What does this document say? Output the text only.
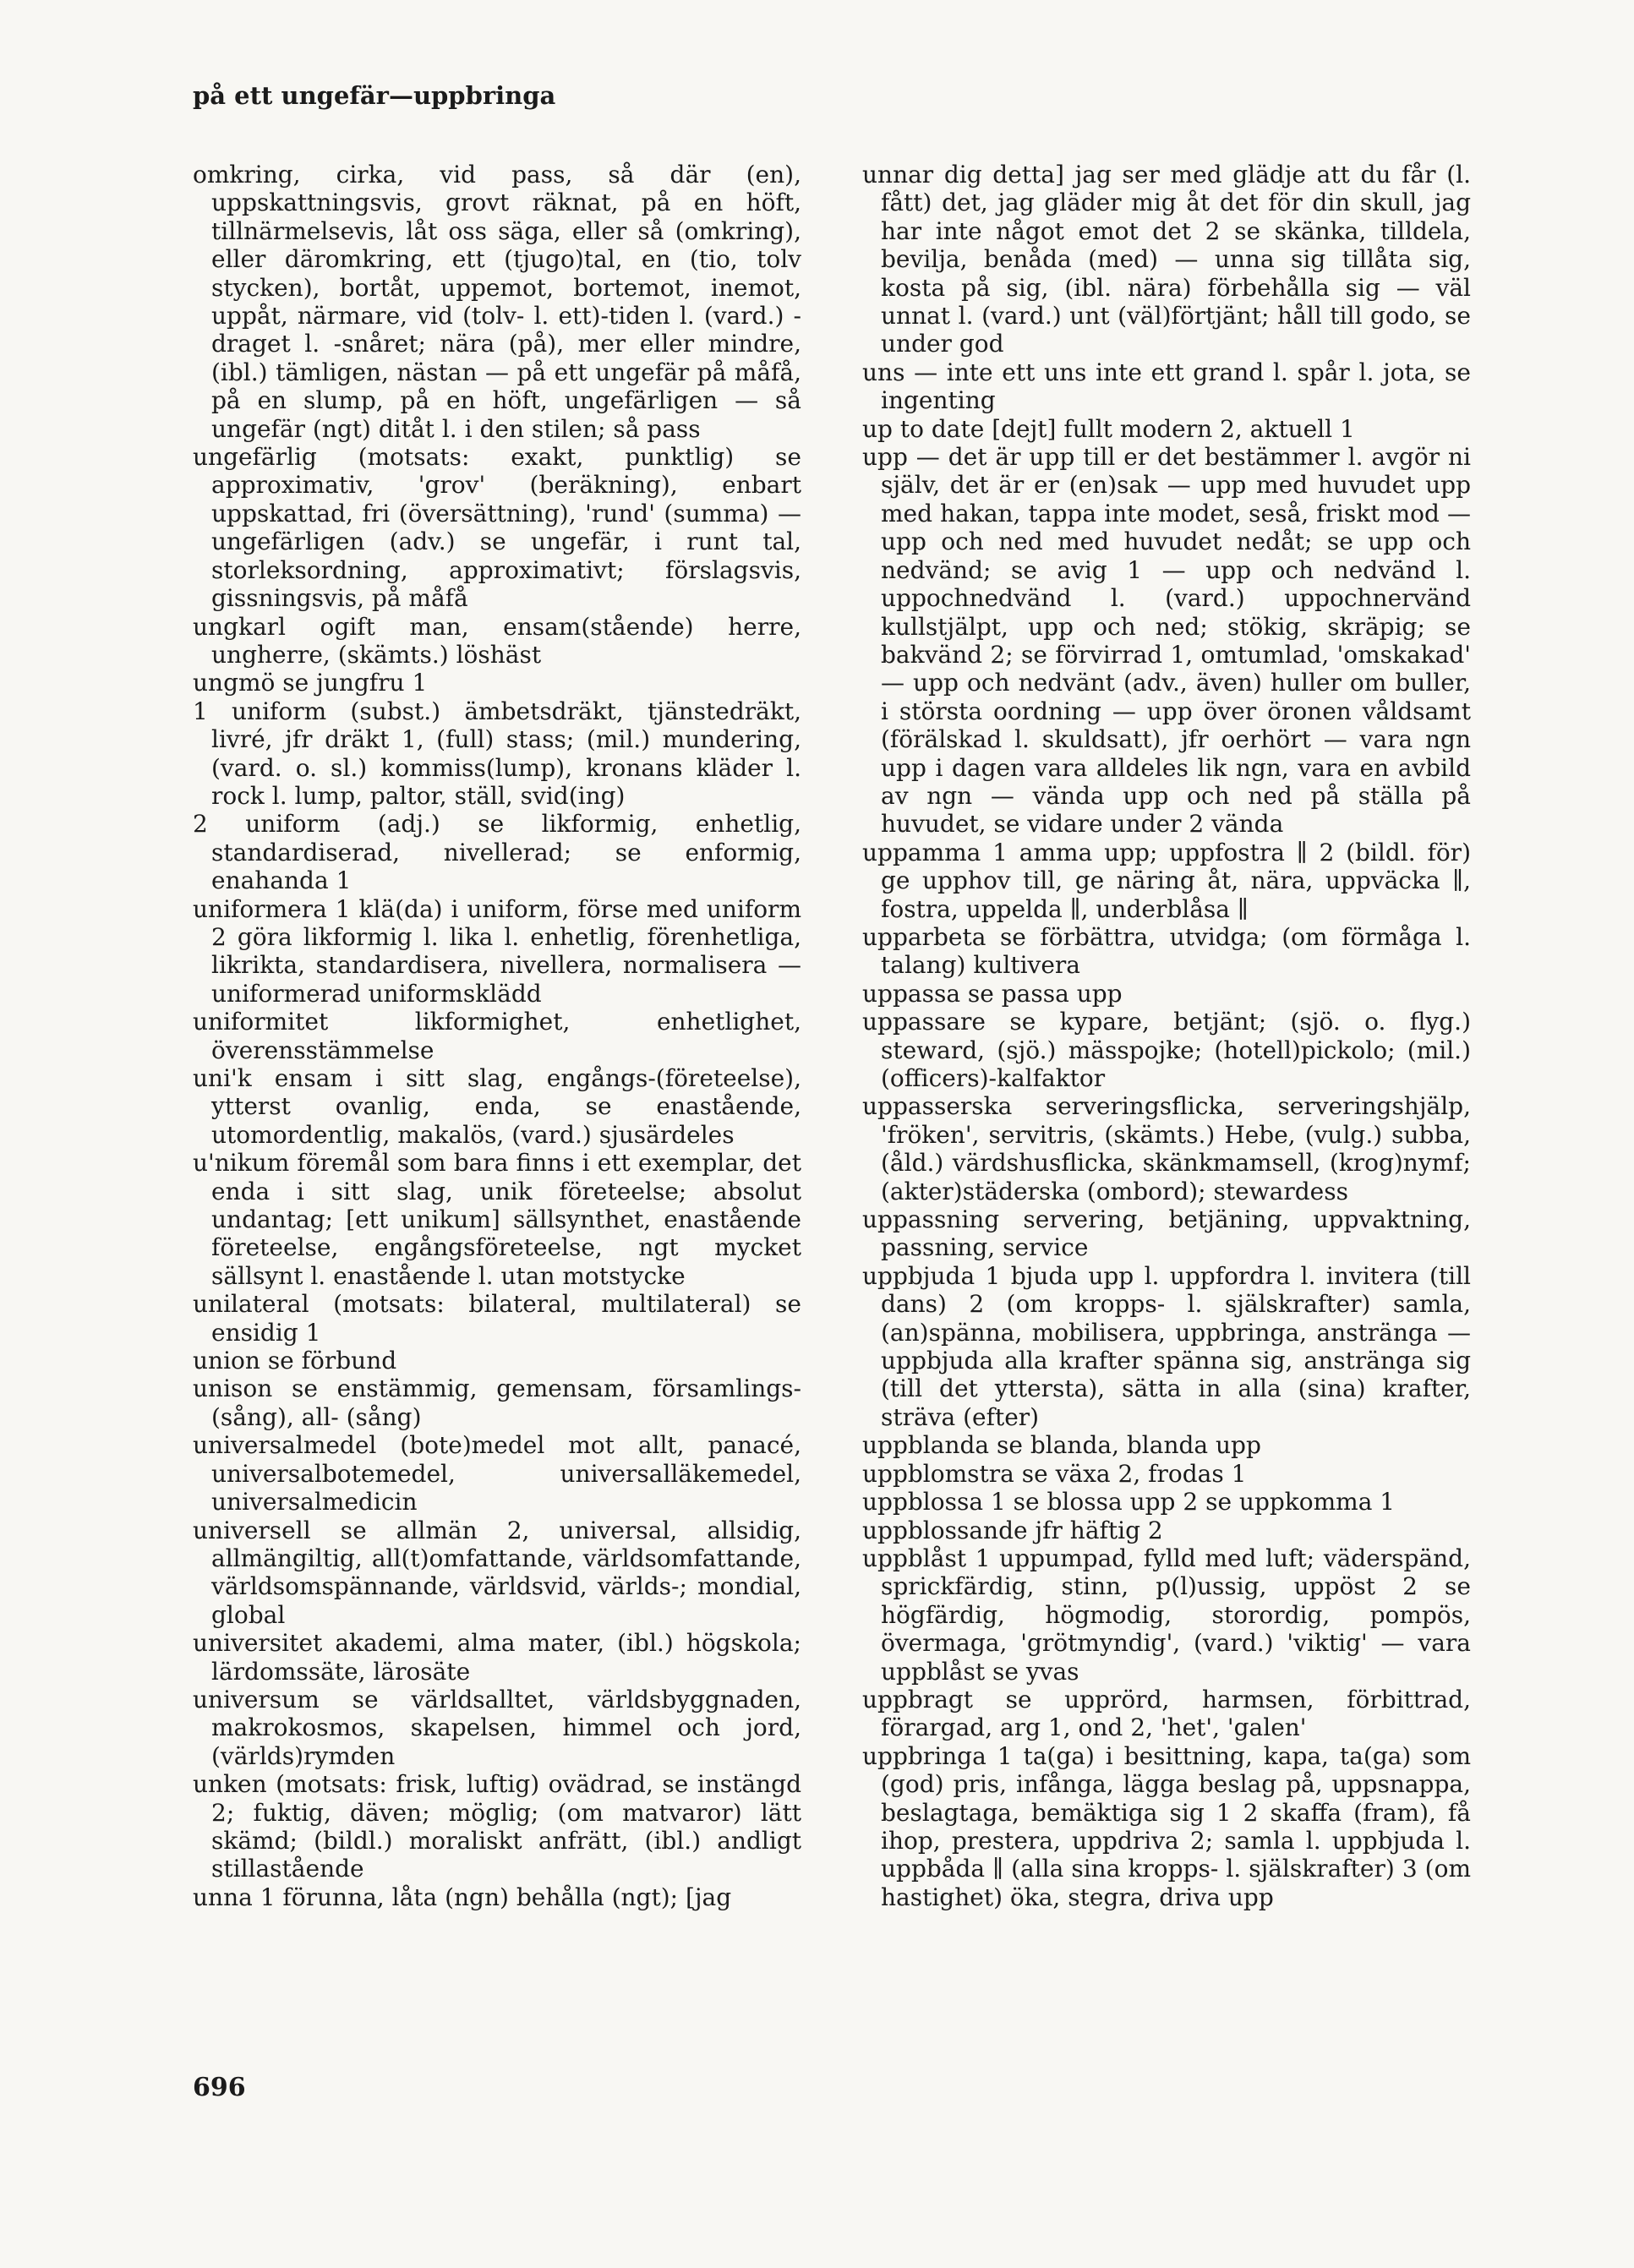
på ett ungefär—uppbringa

omkring, cirka, vid pass, så där (en), uppskattningsvis, grovt räknat, på en höft, tillnärmelsevis, låt oss säga, eller så (omkring), eller däromkring, ett (tjugo)tal, en (tio, tolv stycken), bortåt, uppemot, bortemot, inemot, uppåt, närmare, vid (tolv- l. ett)-tiden l. (vard.) -draget l. -snåret; nära (på), mer eller mindre, (ibl.) tämligen, nästan — på ett ungefär på måfå, på en slump, på en höft, ungefärligen — så ungefär (ngt) ditåt l. i den stilen; så pass

ungefärlig (motsats: exakt, punktlig) se approximativ, 'grov' (beräkning), enbart uppskattad, fri (översättning), 'rund' (summa) — ungefärligen (adv.) se ungefär, i runt tal, storleksordning, approximativt; förslagsvis, gissningsvis, på måfå

ungkarl ogift man, ensam(stående) herre, ungherre, (skämts.) löshäst

ungmö se jungfru 1

1 uniform (subst.) ämbetsdräkt, tjänstedräkt, livré, jfr dräkt 1, (full) stass; (mil.) mundering, (vard. o. sl.) kommiss(lump), kronans kläder l. rock l. lump, paltor, ställ, svid(ing)

2 uniform (adj.) se likformig, enhetlig, standardiserad, nivellerad; se enformig, enahanda 1

uniformera 1 klä(da) i uniform, förse med uniform 2 göra likformig l. lika l. enhetlig, förenhetliga, likrikta, standardisera, nivellera, normalisera — uniformerad uniformsklädd

uniformitet likformighet, enhetlighet, överensstämmelse

uni'k ensam i sitt slag, engångs-(företeelse), ytterst ovanlig, enda, se enastående, utomordentlig, makalös, (vard.) sjusärdeles

u'nikum föremål som bara finns i ett exemplar, det enda i sitt slag, unik företeelse; absolut undantag; [ett unikum] sällsynthet, enastående företeelse, engångsföreteelse, ngt mycket sällsynt l. enastående l. utan motstycke

unilateral (motsats: bilateral, multilateral) se ensidig 1

union se förbund

unison se enstämmig, gemensam, församlings-(sång), all- (sång)

universalmedel (bote)medel mot allt, panacé, universalbotemedel, universalläkemedel, universalmedicin

universell se allmän 2, universal, allsidig, allmängiltig, all(t)omfattande, världsomfattande, världsomspännande, världsvid, världs-; mondial, global

universitet akademi, alma mater, (ibl.) högskola; lärdomssäte, lärosäte

universum se världsalltet, världsbyggnaden, makrokosmos, skapelsen, himmel och jord, (världs)rymden

unken (motsats: frisk, luftig) ovädrad, se instängd 2; fuktig, däven; möglig; (om matvaror) lätt skämd; (bildl.) moraliskt anfrätt, (ibl.) andligt stillastående

unna 1 förunna, låta (ngn) behålla (ngt); [jag

unnar dig detta] jag ser med glädje att du får (l. fått) det, jag gläder mig åt det för din skull, jag har inte något emot det 2 se skänka, tilldela, bevilja, benåda (med) — unna sig tillåta sig, kosta på sig, (ibl. nära) förbehålla sig — väl unnat l. (vard.) unt (väl)förtjänt; håll till godo, se under god

uns — inte ett uns inte ett grand l. spår l. jota, se ingenting

up to date [dejt] fullt modern 2, aktuell 1

upp — det är upp till er det bestämmer l. avgör ni själv, det är er (en)sak — upp med huvudet upp med hakan, tappa inte modet, seså, friskt mod — upp och ned med huvudet nedåt; se upp och nedvänd; se avig 1 — upp och nedvänd l. uppochnedvänd l. (vard.) uppochnervänd kullstjälpt, upp och ned; stökig, skräpig; se bakvänd 2; se förvirrad 1, omtumlad, 'omskakad' — upp och nedvänt (adv., även) huller om buller, i största oordning — upp över öronen våldsamt (förälskad l. skuldsatt), jfr oerhört — vara ngn upp i dagen vara alldeles lik ngn, vara en avbild av ngn — vända upp och ned på ställa på huvudet, se vidare under 2 vända

uppamma 1 amma upp; uppfostra ∥ 2 (bildl. för) ge upphov till, ge näring åt, nära, uppväcka ∥, fostra, uppelda ∥, underblåsa ∥

upparbeta se förbättra, utvidga; (om förmåga l. talang) kultivera

uppassa se passa upp

uppassare se kypare, betjänt; (sjö. o. flyg.) steward, (sjö.) mässpojke; (hotell)pickolo; (mil.) (officers)-kalfaktor

uppasserska serveringsflicka, serveringshjälp, 'fröken', servitris, (skämts.) Hebe, (vulg.) subba, (åld.) värdshusflicka, skänkmamsell, (krog)nymf; (akter)städerska (ombord); stewardess

uppassning servering, betjäning, uppvaktning, passning, service

uppbjuda 1 bjuda upp l. uppfordra l. invitera (till dans) 2 (om kropps- l. själskrafter) samla, (an)spänna, mobilisera, uppbringa, anstränga — uppbjuda alla krafter spänna sig, anstränga sig (till det yttersta), sätta in alla (sina) krafter, sträva (efter)

uppblanda se blanda, blanda upp

uppblomstra se växa 2, frodas 1

uppblossa 1 se blossa upp 2 se uppkomma 1

uppblossande jfr häftig 2

uppblåst 1 uppumpad, fylld med luft; väderspänd, sprickfärdig, stinn, p(l)ussig, uppöst 2 se högfärdig, högmodig, storordig, pompös, övermaga, 'grötmyndig', (vard.) 'viktig' — vara uppblåst se yvas

uppbragt se upprörd, harmsen, förbittrad, förargad, arg 1, ond 2, 'het', 'galen'

uppbringa 1 ta(ga) i besittning, kapa, ta(ga) som (god) pris, infånga, lägga beslag på, uppsnappa, beslagtaga, bemäktiga sig 1 2 skaffa (fram), få ihop, prestera, uppdriva 2; samla l. uppbjuda l. uppbåda ∥ (alla sina kropps- l. själskrafter) 3 (om hastighet) öka, stegra, driva upp

696
